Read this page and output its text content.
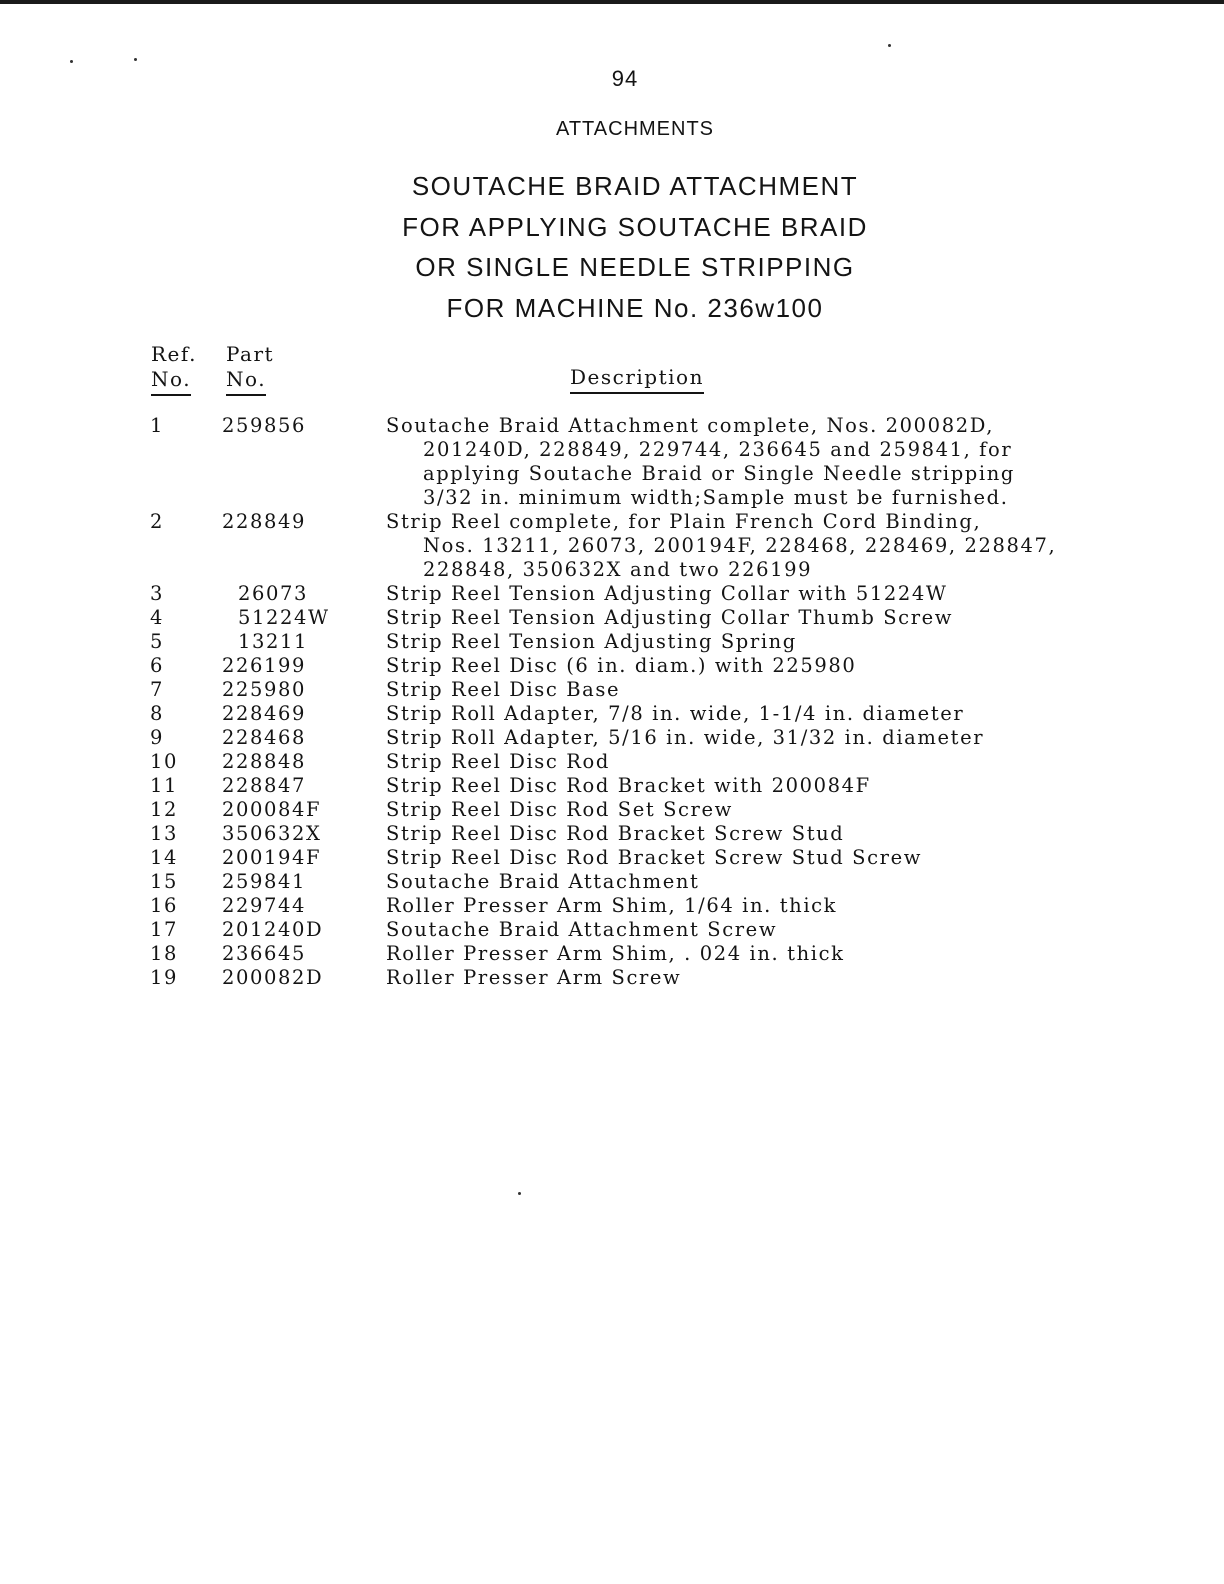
94
ATTACHMENTS
SOUTACHE BRAID ATTACHMENT
FOR APPLYING SOUTACHE BRAID
OR SINGLE NEEDLE STRIPPING
FOR MACHINE No. 236w100
Ref.
No.
Part
No.	Description
1	259856	Soutache Braid Attachment complete, Nos. 200082D,
201240D, 228849, 229744, 236645 and 259841, for
applying Soutache Braid or Single Needle stripping
3/32 in. minimum width;Sample must be furnished.
2	228849	Strip Reel complete, for Plain French Cord Binding,
Nos. 13211, 26073, 200194F, 228468, 228469, 228847,
228848, 350632X and two 226199
3	26073	Strip Reel Tension Adjusting Collar with 51224W
4	51224W	Strip Reel Tension Adjusting Collar Thumb Screw
5	13211	Strip Reel Tension Adjusting Spring
6	226199	Strip Reel Disc (6 in. diam.) with 225980
7	225980	Strip Reel Disc Base
8	228469	Strip Roll Adapter, 7/8 in. wide, 1-1/4 in. diameter
9	228468	Strip Roll Adapter, 5/16 in. wide, 31/32 in. diameter
10 228848	Strip Reel Disc Rod
11 228847	Strip Reel Disc Rod Bracket with 200084F
12 200084F	Strip Reel Disc Rod Set Screw
13 350632X	Strip Reel Disc Rod Bracket Screw Stud
14 200194F	Strip Reel Disc Rod Bracket Screw Stud Screw
15 259841	Soutache Braid Attachment
16 229744	Roller Presser Arm Shim, 1/64 in. thick
17 201240D	Soutache Braid Attachment Screw
18 236645	Roller Presser Arm Shim, . 024 in. thick
19 200082D	Roller Presser Arm Screw
